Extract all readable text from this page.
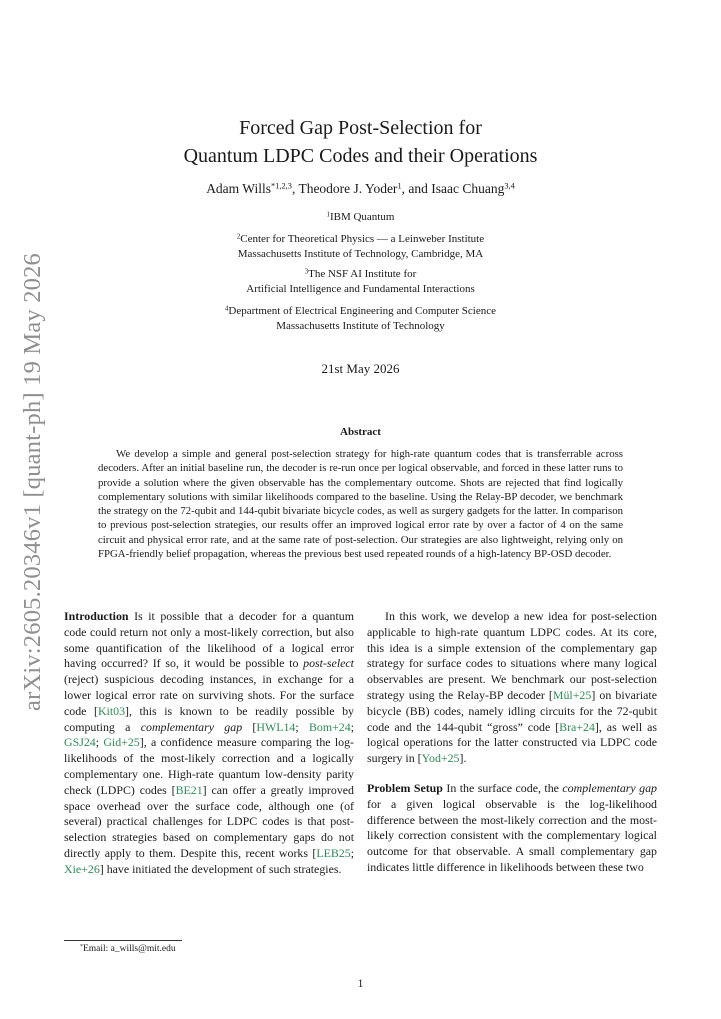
arXiv:2605.20346v1 [quant-ph] 19 May 2026
Forced Gap Post-Selection for
Quantum LDPC Codes and their Operations
Adam Wills$^{*1,2,3}$, Theodore J. Yoder$^1$, and Isaac Chuang$^{3,4}$
$^1$IBM Quantum
$^2$Center for Theoretical Physics — a Leinweber Institute
Massachusetts Institute of Technology, Cambridge, MA
$^3$The NSF AI Institute for
Artificial Intelligence and Fundamental Interactions
$^4$Department of Electrical Engineering and Computer Science
Massachusetts Institute of Technology
21st May 2026
Abstract

We develop a simple and general post-selection strategy for high-rate quantum codes that is transferrable across decoders. After an initial baseline run, the decoder is re-run once per logical observable, and forced in these latter runs to provide a solution where the given observable has the complementary outcome. Shots are rejected that find logically complementary solutions with similar likelihoods compared to the baseline. Using the Relay-BP decoder, we benchmark the strategy on the 72-qubit and 144-qubit bivariate bicycle codes, as well as surgery gadgets for the latter. In comparison to previous post-selection strategies, our results offer an improved logical error rate by over a factor of 4 on the same circuit and physical error rate, and at the same rate of post-selection. Our strategies are also lightweight, relying only on FPGA-friendly belief propagation, whereas the previous best used repeated rounds of a high-latency BP-OSD decoder.

Introduction Is it possible that a decoder for a quantum code could return not only a most-likely correction, but also some quantification of the likelihood of a logical error having occurred? If so, it would be possible to post-select (reject) suspicious decoding instances, in exchange for a lower logical error rate on surviving shots. For the surface code [Kit03], this is known to be readily possible by computing a complementary gap [HWL14; Bom+24; GSJ24; Gid+25], a confidence measure comparing the log-likelihoods of the most-likely correction and a logically complementary one. High-rate quantum low-density parity check (LDPC) codes [BE21] can offer a greatly improved space overhead over the surface code, although one (of several) practical challenges for LDPC codes is that post-selection strategies based on complementary gaps do not directly apply to them. Despite this, recent works [LEB25; Xie+26] have initiated the development of such strategies.

In this work, we develop a new idea for post-selection applicable to high-rate quantum LDPC codes. At its core, this idea is a simple extension of the complementary gap strategy for surface codes to situations where many logical observables are present. We benchmark our post-selection strategy using the Relay-BP decoder [Mül+25] on bivariate bicycle (BB) codes, namely idling circuits for the 72-qubit code and the 144-qubit “gross” code [Bra+24], as well as logical operations for the latter constructed via LDPC code surgery in [Yod+25].

Problem Setup In the surface code, the complementary gap for a given logical observable is the log-likelihood difference between the most-likely correction and the most-likely correction consistent with the complementary logical outcome for that observable. A small complementary gap indicates little difference in likelihoods between these two

*Email: a_wills@mit.edu
1
